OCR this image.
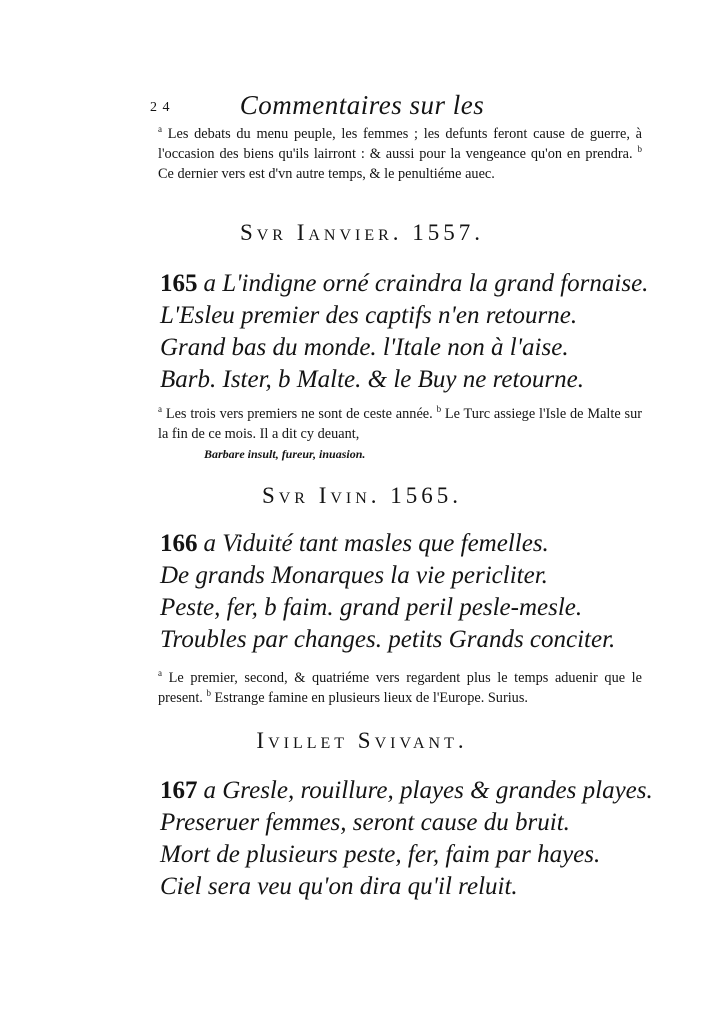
2 4	Commentaires sur les
$^a$ Les debats du menu peuple, les femmes ; les defunts feront cause de guerre, à l'occasion des biens qu'ils lairront : & aussi pour la vengeance qu'on en prendra. $^b$ Ce dernier vers est d'vn autre temps, & le penultiéme auec.
Svr Ianvier. 1557.
165 a L'indigne orné craindra la grand fornaise.
L'Esleu premier des captifs n'en retourne.
Grand bas du monde. l'Itale non à l'aise.
Barb. Ister, b Malte. & le Buy ne retourne.
$^a$ Les trois vers premiers ne sont de ceste année. $^b$ Le Turc assiege l'Isle de Malte sur la fin de ce mois. Il a dit cy deuant,
Barbare insult, fureur, inuasion.
Svr Ivin. 1565.
166 a Viduité tant masles que femelles.
De grands Monarques la vie pericliter.
Peste, fer, b faim. grand peril pesle-mesle.
Troubles par changes. petits Grands conciter.
$^a$ Le premier, second, & quatriéme vers regardent plus le temps aduenir que le present. $^b$ Estrange famine en plusieurs lieux de l'Europe. Surius.
Ivillet Svivant.
167 a Gresle, rouillure, playes & grandes playes.
Preseruer femmes, seront cause du bruit.
Mort de plusieurs peste, fer, faim par hayes.
Ciel sera veu qu'on dira qu'il reluit.
